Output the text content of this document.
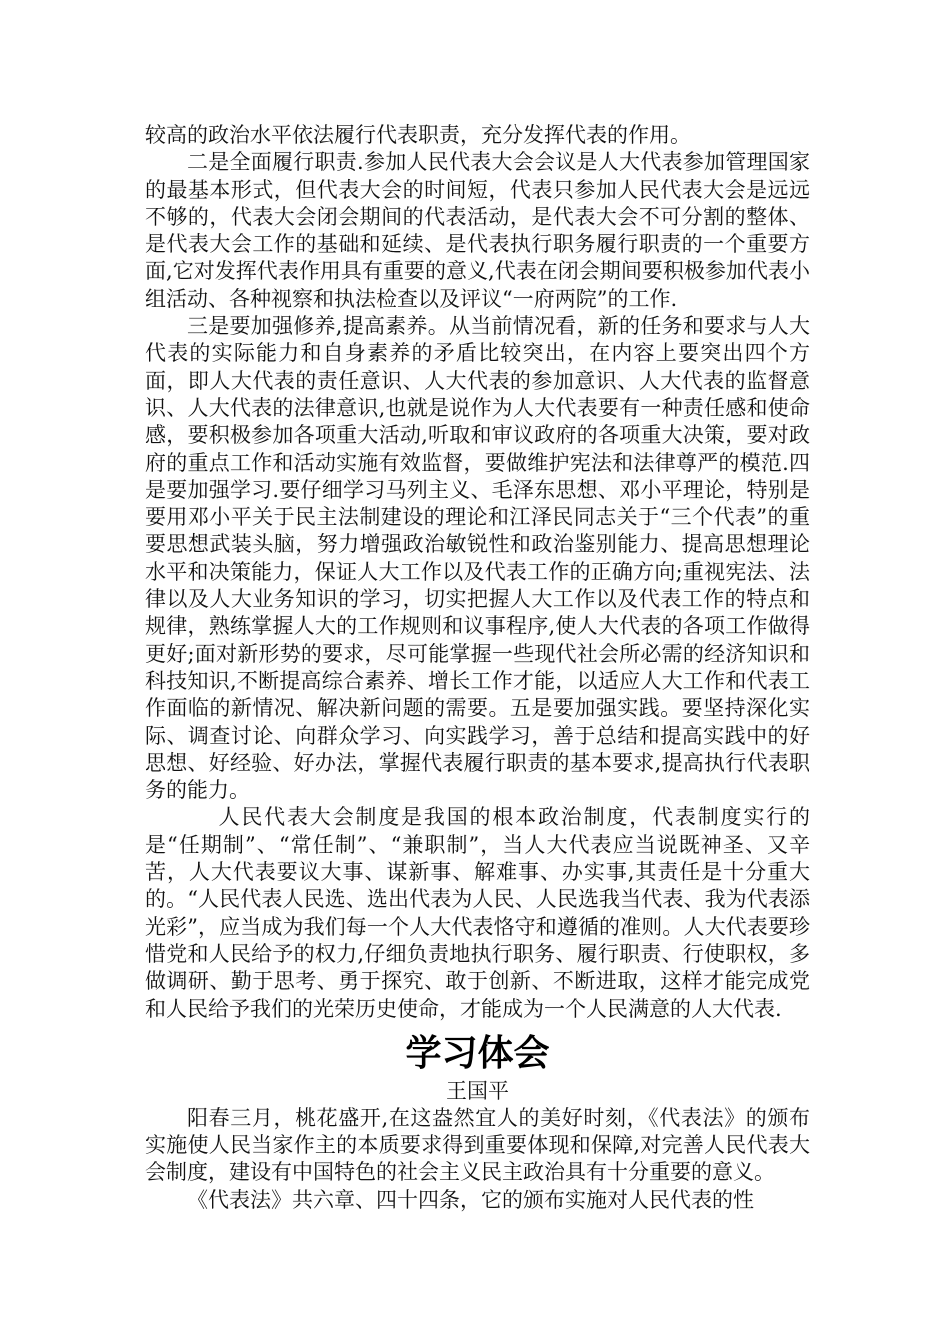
较高的政治水平依法履行代表职责，充分发挥代表的作用。

二是全面履行职责.参加人民代表大会会议是人大代表参加管理国家的最基本形式，但代表大会的时间短，代表只参加人民代表大会是远远不够的，代表大会闭会期间的代表活动，是代表大会不可分割的整体、是代表大会工作的基础和延续、是代表执行职务履行职责的一个重要方面,它对发挥代表作用具有重要的意义,代表在闭会期间要积极参加代表小组活动、各种视察和执法检查以及评议“一府两院”的工作.

三是要加强修养,提高素养。从当前情况看，新的任务和要求与人大代表的实际能力和自身素养的矛盾比较突出，在内容上要突出四个方面，即人大代表的责任意识、人大代表的参加意识、人大代表的监督意识、人大代表的法律意识,也就是说作为人大代表要有一种责任感和使命感，要积极参加各项重大活动,听取和审议政府的各项重大决策，要对政府的重点工作和活动实施有效监督，要做维护宪法和法律尊严的模范.四是要加强学习.要仔细学习马列主义、毛泽东思想、邓小平理论，特别是要用邓小平关于民主法制建设的理论和江泽民同志关于“三个代表”的重要思想武装头脑，努力增强政治敏锐性和政治鉴别能力、提高思想理论水平和决策能力，保证人大工作以及代表工作的正确方向;重视宪法、法律以及人大业务知识的学习，切实把握人大工作以及代表工作的特点和规律，熟练掌握人大的工作规则和议事程序,使人大代表的各项工作做得更好;面对新形势的要求，尽可能掌握一些现代社会所必需的经济知识和科技知识,不断提高综合素养、增长工作才能，以适应人大工作和代表工作面临的新情况、解决新问题的需要。五是要加强实践。要坚持深化实际、调查讨论、向群众学习、向实践学习，善于总结和提高实践中的好思想、好经验、好办法，掌握代表履行职责的基本要求,提高执行代表职务的能力。

人民代表大会制度是我国的根本政治制度，代表制度实行的是“任期制”、“常任制”、“兼职制”，当人大代表应当说既神圣、又辛苦，人大代表要议大事、谋新事、解难事、办实事,其责任是十分重大的。“人民代表人民选、选出代表为人民、人民选我当代表、我为代表添光彩”，应当成为我们每一个人大代表恪守和遵循的准则。人大代表要珍惜党和人民给予的权力,仔细负责地执行职务、履行职责、行使职权，多做调研、勤于思考、勇于探究、敢于创新、不断进取，这样才能完成党和人民给予我们的光荣历史使命，才能成为一个人民满意的人大代表.

学习体会

王国平

阳春三月，桃花盛开,在这盎然宜人的美好时刻，《代表法》的颁布实施使人民当家作主的本质要求得到重要体现和保障,对完善人民代表大会制度，建设有中国特色的社会主义民主政治具有十分重要的意义。

《代表法》共六章、四十四条，它的颁布实施对人民代表的性
